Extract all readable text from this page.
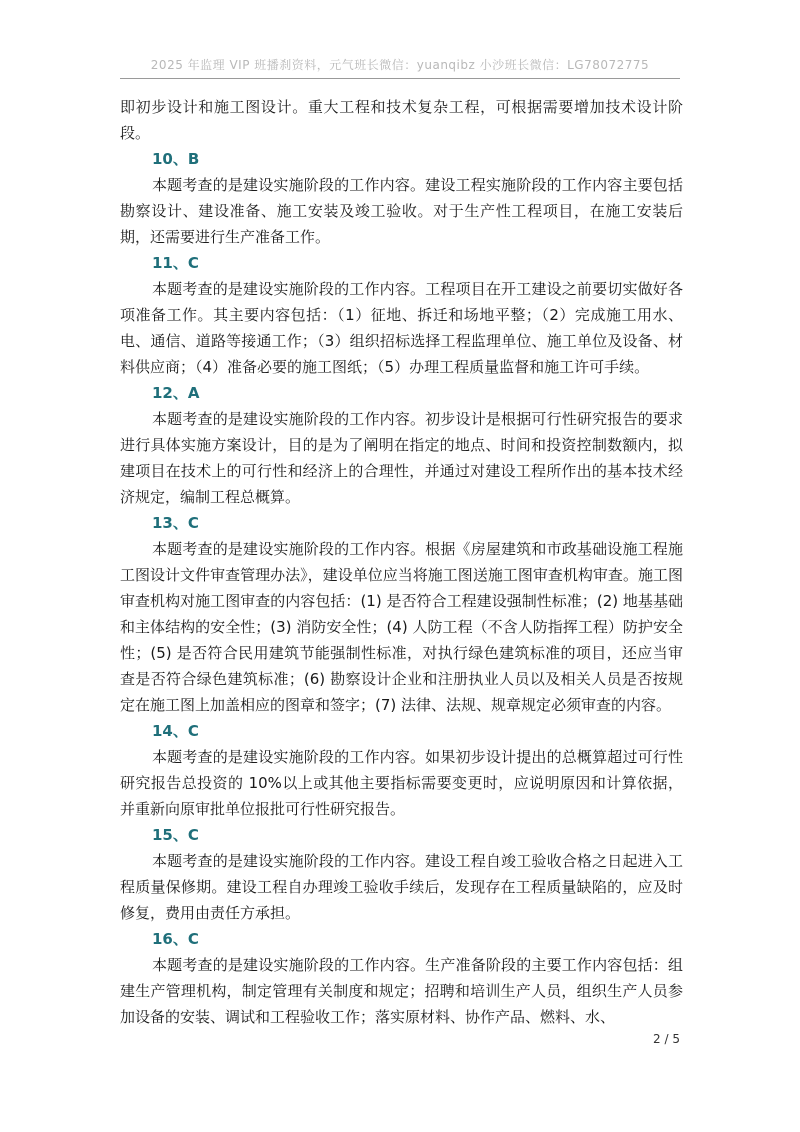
2025 年监理 VIP 班播刹资料，元气班长微信：yuanqibz 小沙班长微信：LG78072775

即初步设计和施工图设计。重大工程和技术复杂工程，可根据需要增加技术设计阶段。

10、B

本题考查的是建设实施阶段的工作内容。建设工程实施阶段的工作内容主要包括勘察设计、建设准备、施工安装及竣工验收。对于生产性工程项目，在施工安装后期，还需要进行生产准备工作。

11、C

本题考查的是建设实施阶段的工作内容。工程项目在开工建设之前要切实做好各项准备工作。其主要内容包括：（1）征地、拆迁和场地平整；（2）完成施工用水、电、通信、道路等接通工作；（3）组织招标选择工程监理单位、施工单位及设备、材料供应商；（4）准备必要的施工图纸；（5）办理工程质量监督和施工许可手续。

12、A

本题考查的是建设实施阶段的工作内容。初步设计是根据可行性研究报告的要求进行具体实施方案设计，目的是为了阐明在指定的地点、时间和投资控制数额内，拟建项目在技术上的可行性和经济上的合理性，并通过对建设工程所作出的基本技术经济规定，编制工程总概算。

13、C

本题考查的是建设实施阶段的工作内容。根据《房屋建筑和市政基础设施工程施工图设计文件审查管理办法》，建设单位应当将施工图送施工图审查机构审查。施工图审查机构对施工图审查的内容包括：(1) 是否符合工程建设强制性标准；(2) 地基基础和主体结构的安全性；(3) 消防安全性；(4) 人防工程（不含人防指挥工程）防护安全性；(5) 是否符合民用建筑节能强制性标准，对执行绿色建筑标准的项目，还应当审查是否符合绿色建筑标准；(6) 勘察设计企业和注册执业人员以及相关人员是否按规定在施工图上加盖相应的图章和签字；(7) 法律、法规、规章规定必须审查的内容。

14、C

本题考查的是建设实施阶段的工作内容。如果初步设计提出的总概算超过可行性研究报告总投资的 10%以上或其他主要指标需要变更时，应说明原因和计算依据，并重新向原审批单位报批可行性研究报告。

15、C

本题考查的是建设实施阶段的工作内容。建设工程自竣工验收合格之日起进入工程质量保修期。建设工程自办理竣工验收手续后，发现存在工程质量缺陷的，应及时修复，费用由责任方承担。

16、C

本题考查的是建设实施阶段的工作内容。生产准备阶段的主要工作内容包括：组建生产管理机构，制定管理有关制度和规定；招聘和培训生产人员，组织生产人员参加设备的安装、调试和工程验收工作；落实原材料、协作产品、燃料、水、

2 / 5
